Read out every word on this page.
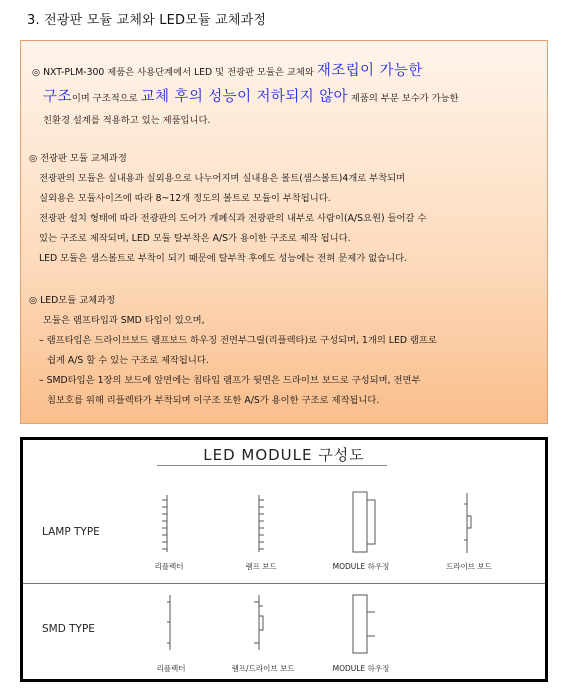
3. 전광판 모듈 교체와 LED모듈 교체과정
◎ NXT-PLM-300 제품은 사용단계에서 LED 및 전광판 모듈은 교체와 재조립이 가능한
구조이며 구조적으로 교체 후의 성능이 저하되지 않아 제품의 부분 보수가 가능한
친환경 설계를 적용하고 있는 제품입니다.
◎ 전광판 모듈 교체과정
전광판의 모듈은 실내용과 실외용으로 나누어지며 실내용은 볼트(샘스볼트)4개로 부착되며
실외용은 모듈사이즈에 따라 8~12개 정도의 볼트로 모듈이 부착됩니다.
전광판 설치 형태에 따라 전광판의 도어가 개폐식과 전광판의 내부로 사람이(A/S요원) 들어갈 수
있는 구조로 제작되며, LED 모듈 탈부착은 A/S가 용이한 구조로 제작 됩니다.
LED 모듈은 샘스볼트로 부착이 되기 때문에 탈부착 후에도 성능에는 전혀 문제가 없습니다.
◎ LED모듈 교체과정
모듈은 램프타입과 SMD 타입이 있으며,
– 램프타입은 드라이브보드 램프보드 하우징 전면부그릴(리플렉타)로 구성되며, 1개의 LED 램프로
쉽게 A/S 할 수 있는 구조로 제작됩니다.
– SMD타입은 1장의 보드에 앞면에는 칩타입 램프가 뒷면은 드라이브 보드로 구성되며, 전면부
침보호를 위해 리플렉타가 부착되며 이구조 또한 A/S가 용이한 구조로 제작됩니다.
LED MODULE 구성도
LAMP TYPE
SMD TYPE
리플렉터	램프 보드	MODULE 하우징	드라이브 보드
리플렉터	램프/드라이브 보드	MODULE 하우징
